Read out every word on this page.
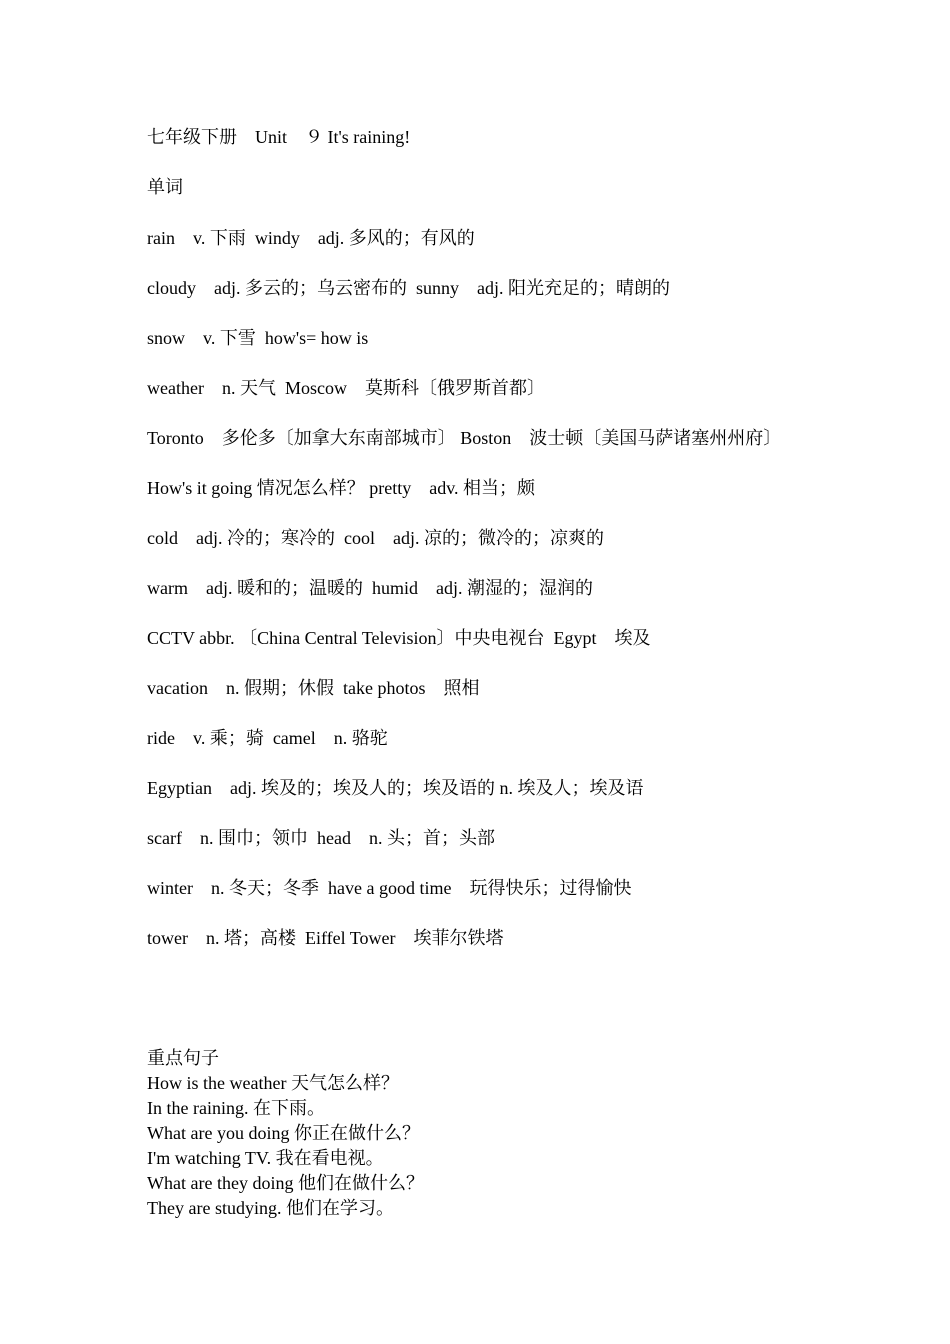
七年级下册　Unit　９ It's raining!
单词
rain　v. 下雨  windy　adj. 多风的；有风的
cloudy　adj. 多云的；乌云密布的  sunny　adj. 阳光充足的；晴朗的
snow　v. 下雪  how's= how is
weather　n. 天气  Moscow　莫斯科〔俄罗斯首都〕
Toronto　多伦多〔加拿大东南部城市〕 Boston　波士顿〔美国马萨诸塞州州府〕
How's it going 情况怎么样？ pretty　adv. 相当；颇
cold　adj. 冷的；寒冷的  cool　adj. 凉的；微冷的；凉爽的
warm　adj. 暖和的；温暖的  humid　adj. 潮湿的；湿润的
CCTV abbr. 〔China Central Television〕中央电视台  Egypt　埃及
vacation　n. 假期；休假  take photos　照相
ride　v. 乘；骑  camel　n. 骆驼
Egyptian　adj. 埃及的；埃及人的；埃及语的 n. 埃及人；埃及语
scarf　n. 围巾；领巾  head　n. 头；首；头部
winter　n. 冬天；冬季  have a good time　玩得快乐；过得愉快
tower　n. 塔；高楼  Eiffel Tower　埃菲尔铁塔
重点句子
How is the weather 天气怎么样？
In the raining. 在下雨。
What are you doing 你正在做什么？
I'm watching TV. 我在看电视。
What are they doing 他们在做什么？
They are studying. 他们在学习。
